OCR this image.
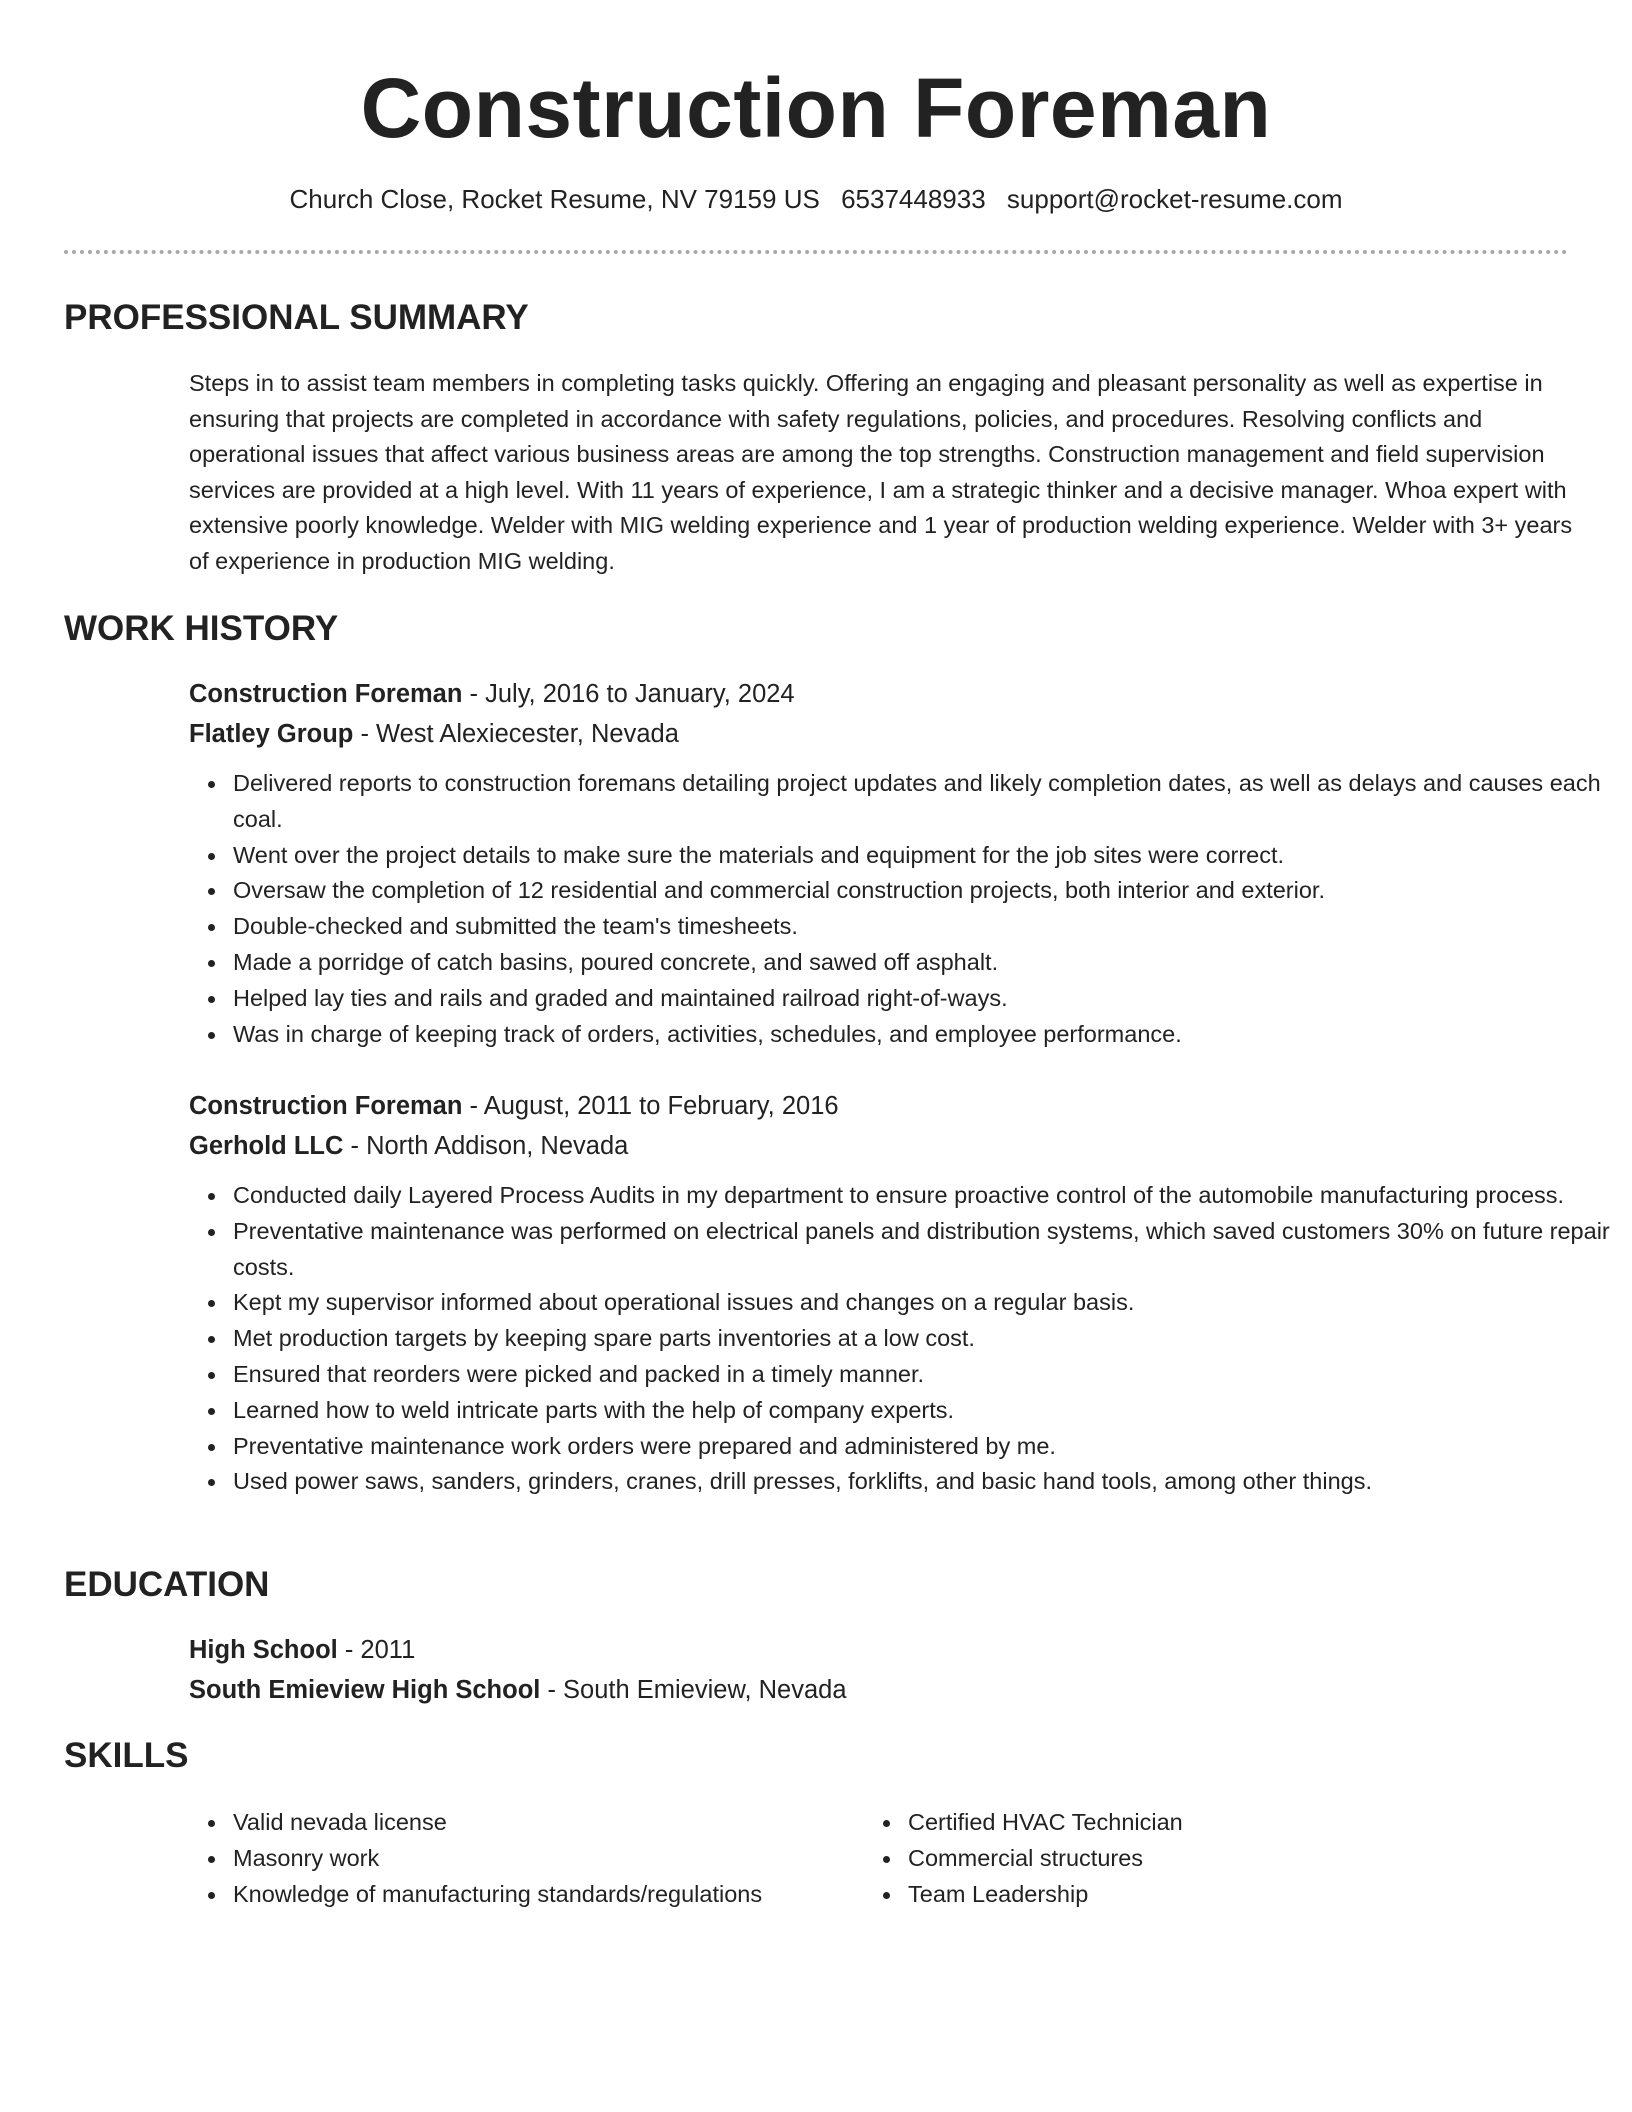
Construction Foreman
Church Close, Rocket Resume, NV 79159 US 6537448933 support@rocket-resume.com
PROFESSIONAL SUMMARY

Steps in to assist team members in completing tasks quickly. Offering an engaging and pleasant personality as well as expertise in ensuring that projects are completed in accordance with safety regulations, policies, and procedures. Resolving conflicts and operational issues that affect various business areas are among the top strengths. Construction management and field supervision services are provided at a high level. With 11 years of experience, I am a strategic thinker and a decisive manager. Whoa expert with extensive poorly knowledge. Welder with MIG welding experience and 1 year of production welding experience. Welder with 3+ years of experience in production MIG welding.

WORK HISTORY
Construction Foreman - July, 2016 to January, 2024
Flatley Group - West Alexiecester, Nevada
Delivered reports to construction foremans detailing project updates and likely completion dates, as well as delays and causes each coal.
Went over the project details to make sure the materials and equipment for the job sites were correct.
Oversaw the completion of 12 residential and commercial construction projects, both interior and exterior.
Double-checked and submitted the team's timesheets.
Made a porridge of catch basins, poured concrete, and sawed off asphalt.
Helped lay ties and rails and graded and maintained railroad right-of-ways.
Was in charge of keeping track of orders, activities, schedules, and employee performance.
Construction Foreman - August, 2011 to February, 2016
Gerhold LLC - North Addison, Nevada
Conducted daily Layered Process Audits in my department to ensure proactive control of the automobile manufacturing process.
Preventative maintenance was performed on electrical panels and distribution systems, which saved customers 30% on future repair costs.
Kept my supervisor informed about operational issues and changes on a regular basis.
Met production targets by keeping spare parts inventories at a low cost.
Ensured that reorders were picked and packed in a timely manner.
Learned how to weld intricate parts with the help of company experts.
Preventative maintenance work orders were prepared and administered by me.
Used power saws, sanders, grinders, cranes, drill presses, forklifts, and basic hand tools, among other things.
EDUCATION
High School - 2011
South Emieview High School - South Emieview, Nevada
SKILLS
Valid nevada license
Masonry work
Knowledge of manufacturing standards/regulations
Certified HVAC Technician
Commercial structures
Team Leadership
